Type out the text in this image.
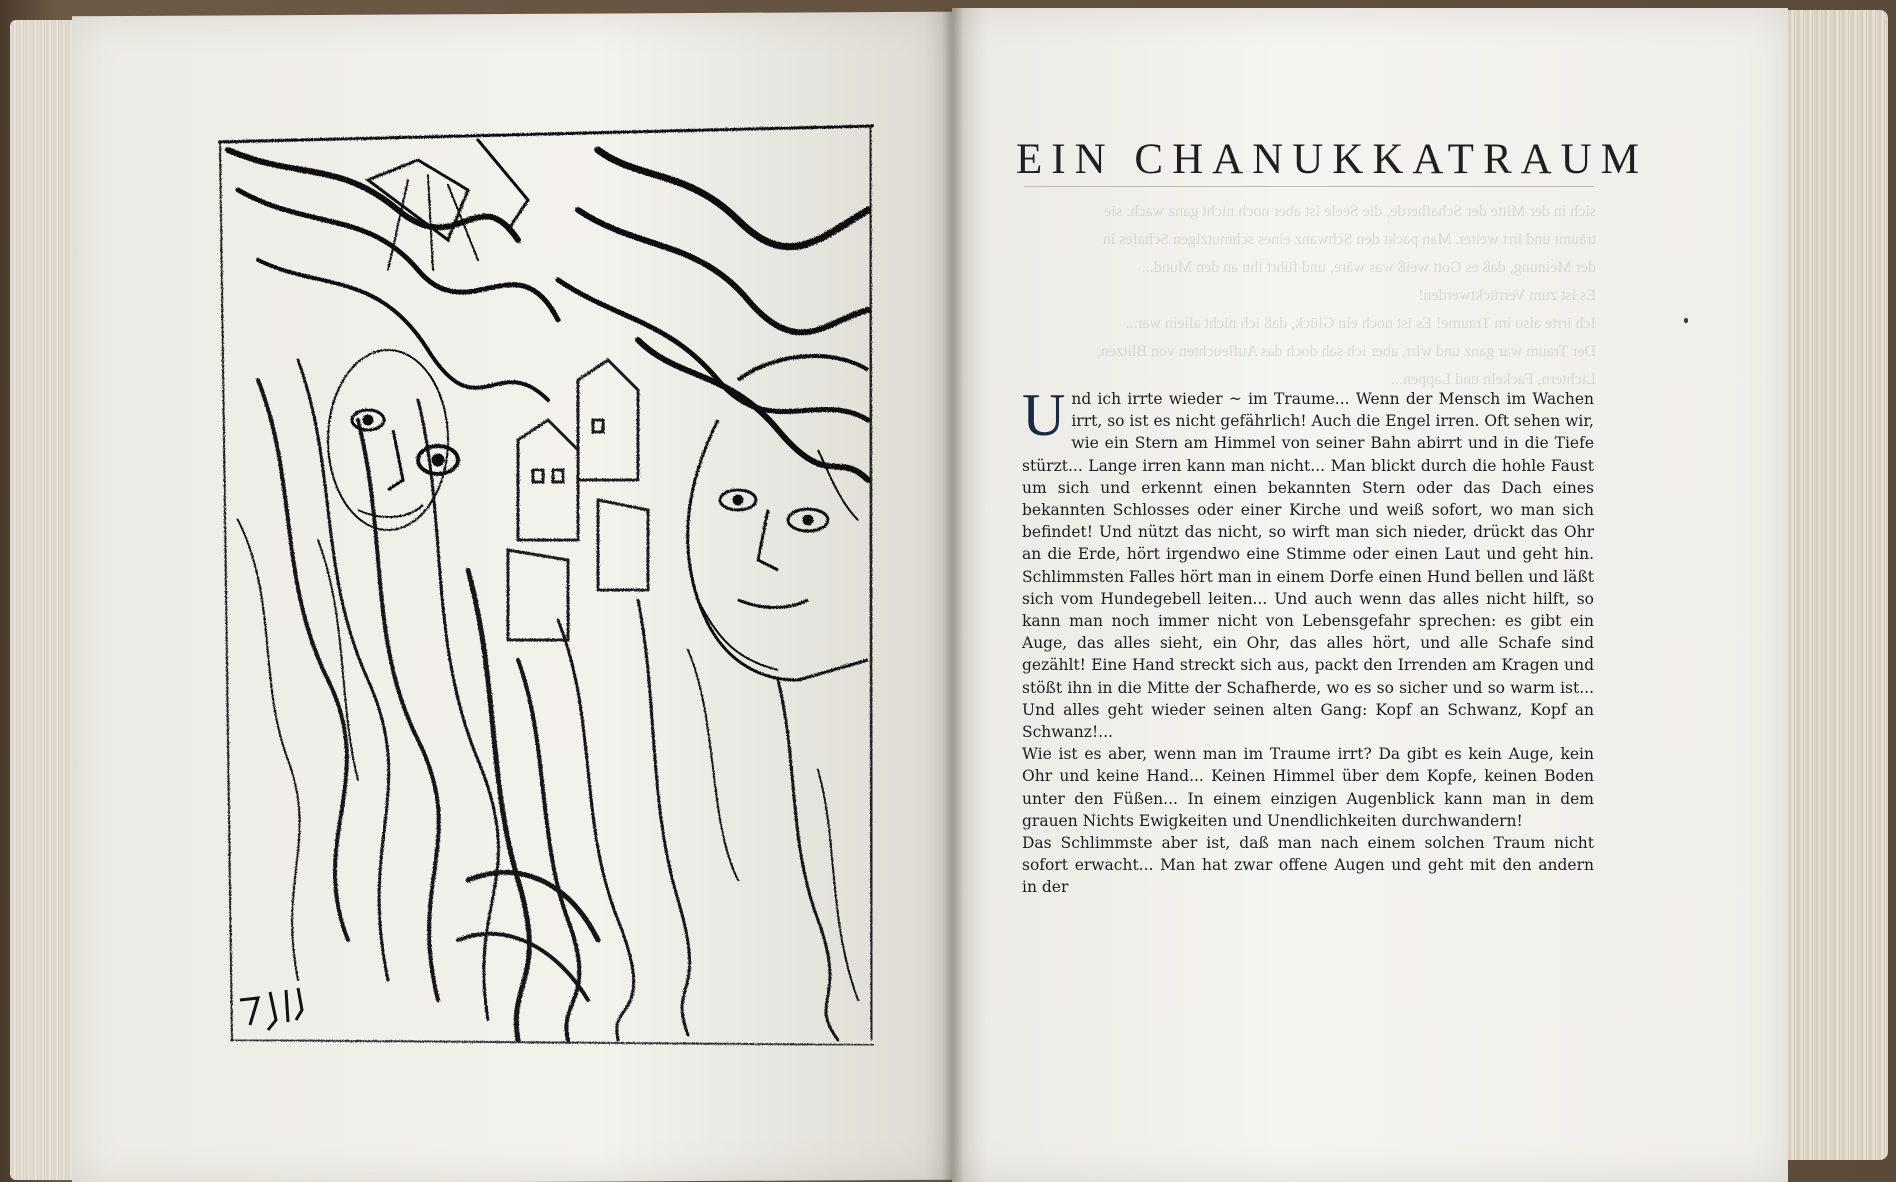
EIN CHANUKKATRAUM
sich in der Mitte der Schafherde, die Seele ist aber noch nicht ganz wach: sie
träumt und irrt weiter. Man packt den Schwanz eines schmutzigen Schafes in
der Meinung, daß es Gott weiß was wäre, und führt ihn an den Mund...
Es ist zum Verrücktwerden!
Ich irrte also im Traume! Es ist noch ein Glück, daß ich nicht allein war...
Der Traum war ganz und wirr, aber ich sah doch das Aufleuchten von Blitzen,
Lichtern, Fackeln und Lappen...

Und ich irrte wieder ~ im Traume... Wenn der Mensch im Wachen irrt, so ist es nicht gefährlich! Auch die Engel irren. Oft sehen wir, wie ein Stern am Himmel von seiner Bahn abirrt und in die Tiefe stürzt... Lange irren kann man nicht... Man blickt durch die hohle Faust um sich und erkennt einen bekannten Stern oder das Dach eines bekannten Schlosses oder einer Kirche und weiß sofort, wo man sich befindet! Und nützt das nicht, so wirft man sich nieder, drückt das Ohr an die Erde, hört irgendwo eine Stimme oder einen Laut und geht hin. Schlimmsten Falles hört man in einem Dorfe einen Hund bellen und läßt sich vom Hundegebell leiten... Und auch wenn das alles nicht hilft, so kann man noch immer nicht von Lebensgefahr sprechen: es gibt ein Auge, das alles sieht, ein Ohr, das alles hört, und alle Schafe sind gezählt! Eine Hand streckt sich aus, packt den Irrenden am Kragen und stößt ihn in die Mitte der Schafherde, wo es so sicher und so warm ist... Und alles geht wieder seinen alten Gang: Kopf an Schwanz, Kopf an Schwanz!...

Wie ist es aber, wenn man im Traume irrt? Da gibt es kein Auge, kein Ohr und keine Hand... Keinen Himmel über dem Kopfe, keinen Boden unter den Füßen... In einem einzigen Augenblick kann man in dem grauen Nichts Ewigkeiten und Unendlichkeiten durchwandern!

Das Schlimmste aber ist, daß man nach einem solchen Traum nicht sofort erwacht... Man hat zwar offene Augen und geht mit den andern in der
